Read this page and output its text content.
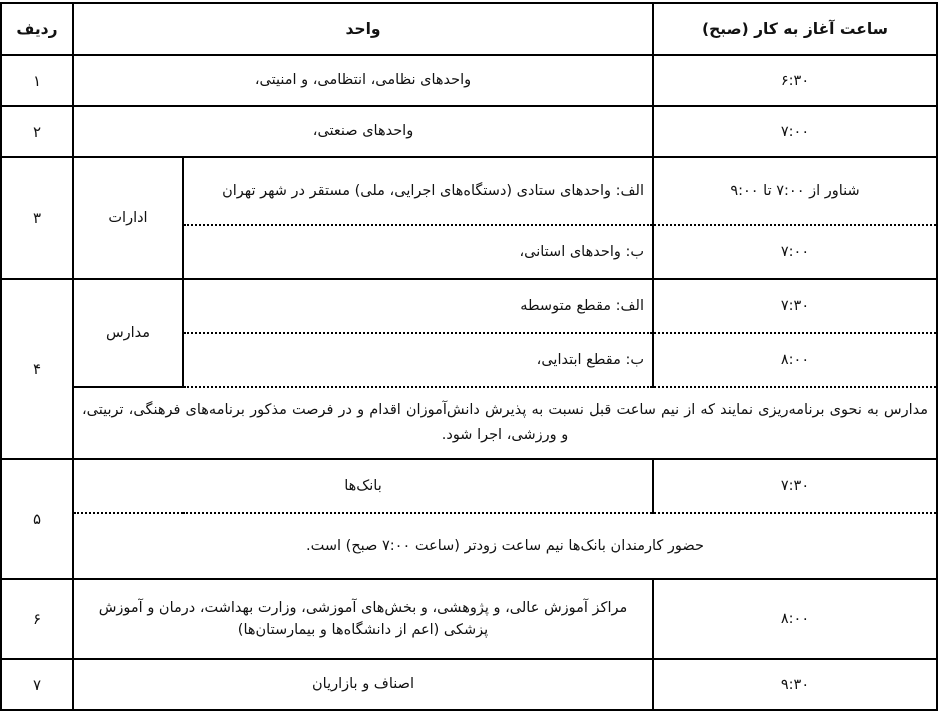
ساعت آغاز به کار (صبح)	واحد		ردیف
۶:۳۰	واحدهای نظامی، انتظامی، و امنیتی،		۱
۷:۰۰	واحدهای صنعتی،		۲
شناور از ۷:۰۰ تا ۹:۰۰	الف: واحدهای ستادی (دستگاه‌های اجرایی، ملی) مستقر در شهر تهران	ادارات	۳
۷:۰۰	ب: واحدهای استانی،		
۷:۳۰	الف: مقطع متوسطه	مدارس	۴
۸:۰۰	ب: مقطع ابتدایی،		
مدارس به نحوی برنامه‌ریزی نمایند که از نیم ساعت قبل نسبت به پذیرش دانش‌آموزان اقدام و در فرصت مذکور برنامه‌های فرهنگی، تربیتی، و ورزشی، اجرا شود.			
۷:۳۰	بانک‌ها		۵
حضور کارمندان بانک‌ها نیم ساعت زودتر (ساعت ۷:۰۰ صبح) است.			
۸:۰۰	مراکز آموزش عالی، و پژوهشی، و بخش‌های آموزشی، وزارت بهداشت، درمان و آموزش پزشکی (اعم از دانشگاه‌ها و بیمارستان‌ها)		۶
۹:۳۰	اصناف و بازاریان		۷
